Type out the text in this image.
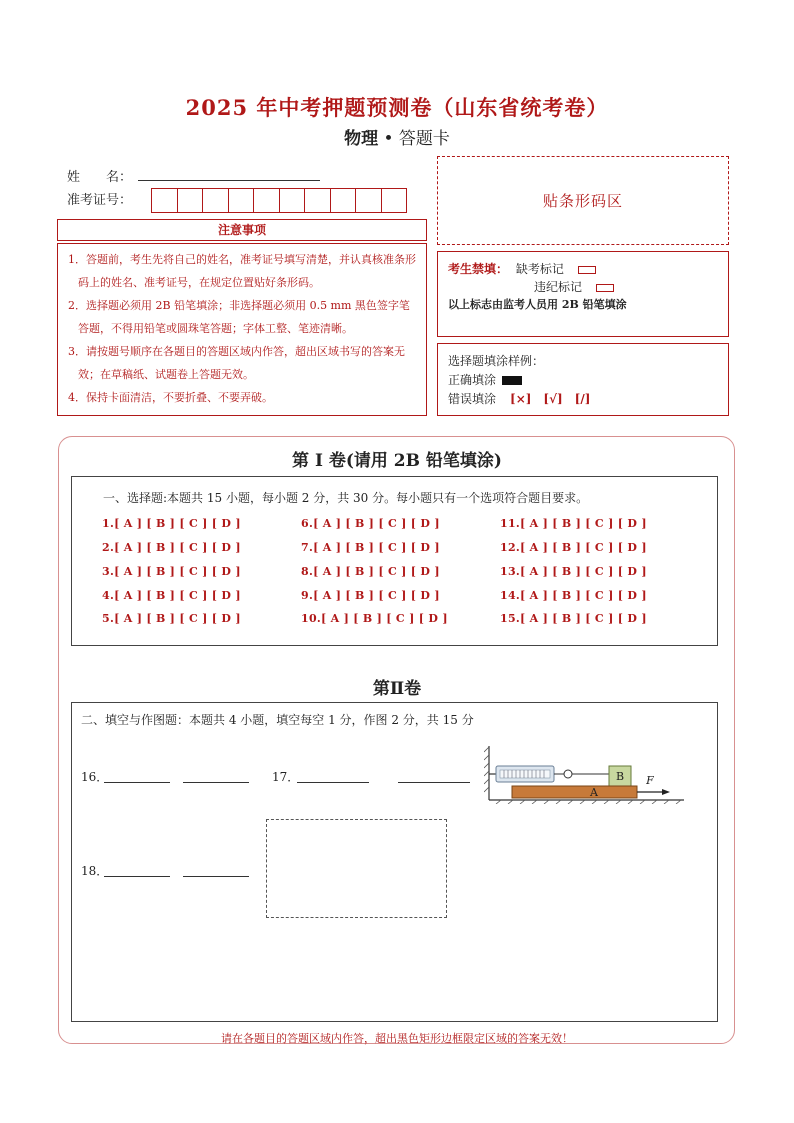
2025 年中考押题预测卷（山东省统考卷）
物理 • 答题卡
姓　　名：
准考证号：	贴条形码区
注意事项
1．答题前，考生先将自己的姓名，准考证号填写清楚，并认真核准条形码上的姓名、准考证号，在规定位置贴好条形码。
2．选择题必须用 2B 铅笔填涂；非选择题必须用 0.5 mm 黑色签字笔答题，不得用铅笔或圆珠笔答题；字体工整、笔迹清晰。
3．请按题号顺序在各题目的答题区域内作答，超出区域书写的答案无效；在草稿纸、试题卷上答题无效。
4．保持卡面清洁，不要折叠、不要弄破。
考生禁填： 缺考标记
违纪标记
以上标志由监考人员用 2B 铅笔填涂
选择题填涂样例：
正确填涂
错误填涂 [×]　[√]　[/]
第 I 卷(请用 2B 铅笔填涂)
一、选择题:本题共 15 小题，每小题 2 分，共 30 分。每小题只有一个选项符合题目要求。
1.[ A ] [ B ] [ C ] [ D ]
2.[ A ] [ B ] [ C ] [ D ]
3.[ A ] [ B ] [ C ] [ D ]
4.[ A ] [ B ] [ C ] [ D ]
5.[ A ] [ B ] [ C ] [ D ]
6.[ A ] [ B ] [ C ] [ D ]
7.[ A ] [ B ] [ C ] [ D ]
8.[ A ] [ B ] [ C ] [ D ]
9.[ A ] [ B ] [ C ] [ D ]
10.[ A ] [ B ] [ C ] [ D ]
11.[ A ] [ B ] [ C ] [ D ]
12.[ A ] [ B ] [ C ] [ D ]
13.[ A ] [ B ] [ C ] [ D ]
14.[ A ] [ B ] [ C ] [ D ]
15.[ A ] [ B ] [ C ] [ D ]
第Ⅱ卷
二、填空与作图题：本题共 4 小题，填空每空 1 分，作图 2 分，共 15 分
16．	17．	B
A
F
18．
请在各题目的答题区域内作答，超出黑色矩形边框限定区域的答案无效！
